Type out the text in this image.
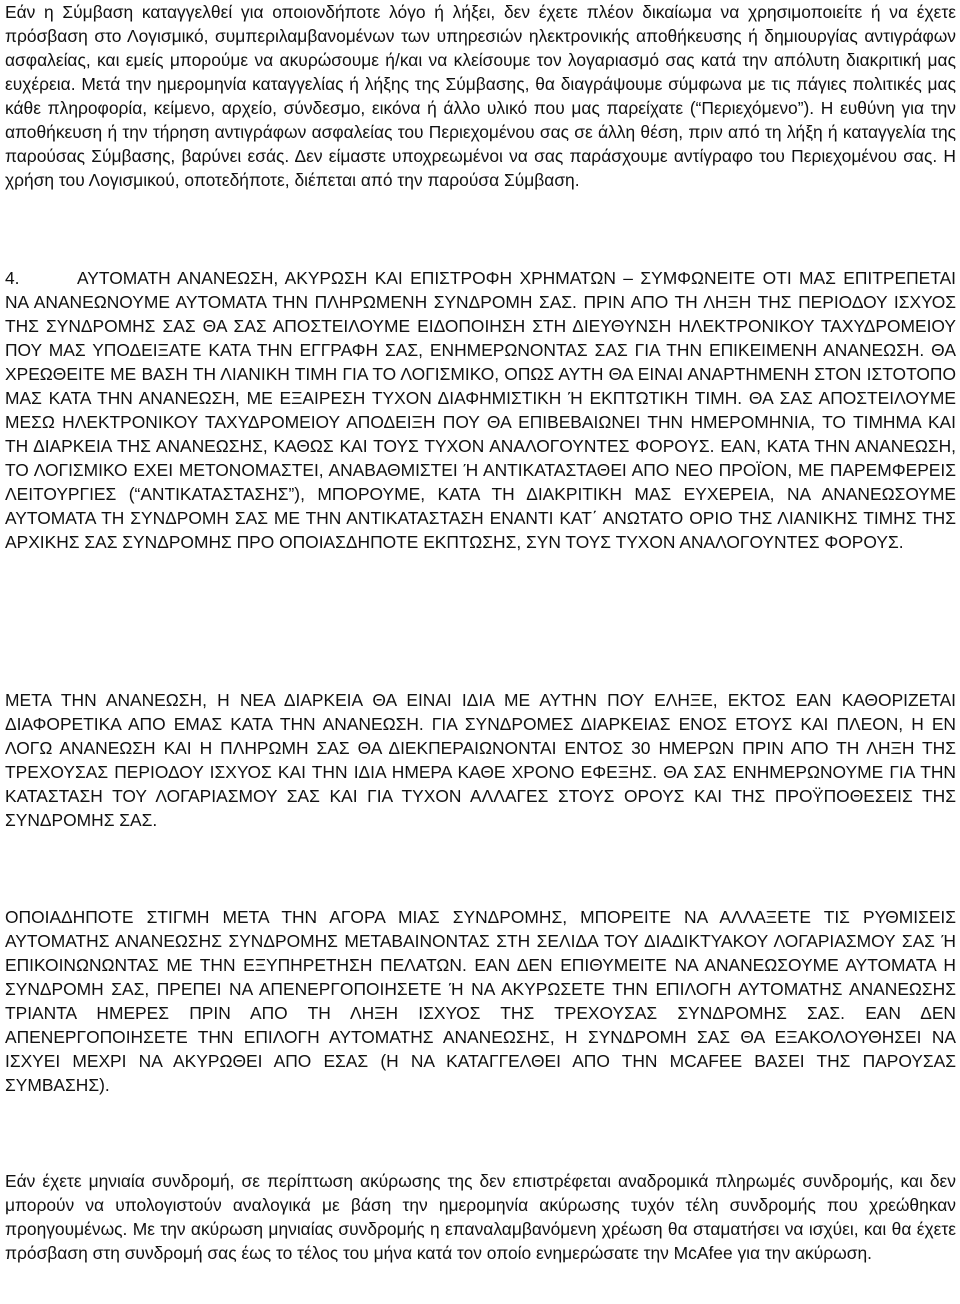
Εάν η Σύμβαση καταγγελθεί για οποιονδήποτε λόγο ή λήξει, δεν έχετε πλέον δικαίωμα να χρησιμοποιείτε ή να έχετε πρόσβαση στο Λογισμικό, συμπεριλαμβανομένων των υπηρεσιών ηλεκτρονικής αποθήκευσης ή δημιουργίας αντιγράφων ασφαλείας, και εμείς μπορούμε να ακυρώσουμε ή/και να κλείσουμε τον λογαριασμό σας κατά την απόλυτη διακριτική μας ευχέρεια. Μετά την ημερομηνία καταγγελίας ή λήξης της Σύμβασης, θα διαγράψουμε σύμφωνα με τις πάγιες πολιτικές μας κάθε πληροφορία, κείμενο, αρχείο, σύνδεσμο, εικόνα ή άλλο υλικό που μας παρείχατε (“Περιεχόμενο”). Η ευθύνη για την αποθήκευση ή την τήρηση αντιγράφων ασφαλείας του Περιεχομένου σας σε άλλη θέση, πριν από τη λήξη ή καταγγελία της παρούσας Σύμβασης, βαρύνει εσάς. Δεν είμαστε υποχρεωμένοι να σας παράσχουμε αντίγραφο του Περιεχομένου σας. Η χρήση του Λογισμικού, οποτεδήποτε, διέπεται από την παρούσα Σύμβαση.

4.	ΑΥΤΟΜΑΤΗ ΑΝΑΝΕΩΣΗ, ΑΚΥΡΩΣΗ ΚΑΙ ΕΠΙΣΤΡΟΦΗ ΧΡΗΜΑΤΩΝ – ΣΥΜΦΩΝΕΙΤΕ ΟΤΙ ΜΑΣ ΕΠΙΤΡΕΠΕΤΑΙ ΝΑ ΑΝΑΝΕΩΝΟΥΜΕ ΑΥΤΟΜΑΤΑ ΤΗΝ ΠΛΗΡΩΜΕΝΗ ΣΥΝΔΡΟΜΗ ΣΑΣ. ΠΡΙΝ ΑΠΟ ΤΗ ΛΗΞΗ ΤΗΣ ΠΕΡΙΟΔΟΥ ΙΣΧΥΟΣ ΤΗΣ ΣΥΝΔΡΟΜΗΣ ΣΑΣ ΘΑ ΣΑΣ ΑΠΟΣΤΕΙΛΟΥΜΕ ΕΙΔΟΠΟΙΗΣΗ ΣΤΗ ΔΙΕΥΘΥΝΣΗ ΗΛΕΚΤΡΟΝΙΚΟΥ ΤΑΧΥΔΡΟΜΕΙΟΥ ΠΟΥ ΜΑΣ ΥΠΟΔΕΙΞΑΤΕ ΚΑΤΑ ΤΗΝ ΕΓΓΡΑΦΗ ΣΑΣ, ΕΝΗΜΕΡΩΝΟΝΤΑΣ ΣΑΣ ΓΙΑ ΤΗΝ ΕΠΙΚΕΙΜΕΝΗ ΑΝΑΝΕΩΣΗ. ΘΑ ΧΡΕΩΘΕΙΤΕ ΜΕ ΒΑΣΗ ΤΗ ΛΙΑΝΙΚΗ ΤΙΜΗ ΓΙΑ ΤΟ ΛΟΓΙΣΜΙΚΟ, ΟΠΩΣ ΑΥΤΗ ΘΑ ΕΙΝΑΙ ΑΝΑΡΤΗΜΕΝΗ ΣΤΟΝ ΙΣΤΟΤΟΠΟ ΜΑΣ ΚΑΤΑ ΤΗΝ ΑΝΑΝΕΩΣΗ, ΜΕ ΕΞΑΙΡΕΣΗ ΤΥΧΟΝ ΔΙΑΦΗΜΙΣΤΙΚΗ Ή ΕΚΠΤΩΤΙΚΗ ΤΙΜΗ. ΘΑ ΣΑΣ ΑΠΟΣΤΕΙΛΟΥΜΕ ΜΕΣΩ ΗΛΕΚΤΡΟΝΙΚΟΥ ΤΑΧΥΔΡΟΜΕΙΟΥ ΑΠΟΔΕΙΞΗ ΠΟΥ ΘΑ ΕΠΙΒΕΒΑΙΩΝΕΙ ΤΗΝ ΗΜΕΡΟΜΗΝΙΑ, ΤΟ ΤΙΜΗΜΑ ΚΑΙ ΤΗ ΔΙΑΡΚΕΙΑ ΤΗΣ ΑΝΑΝΕΩΣΗΣ, ΚΑΘΩΣ ΚΑΙ ΤΟΥΣ ΤΥΧΟΝ ΑΝΑΛΟΓΟΥΝΤΕΣ ΦΟΡΟΥΣ. ΕΑΝ, ΚΑΤΑ ΤΗΝ ΑΝΑΝΕΩΣΗ, ΤΟ ΛΟΓΙΣΜΙΚΟ ΕΧΕΙ ΜΕΤΟΝΟΜΑΣΤΕΙ, ΑΝΑΒΑΘΜΙΣΤΕΙ Ή ΑΝΤΙΚΑΤΑΣΤΑΘΕΙ ΑΠΟ ΝΕΟ ΠΡΟΪΟΝ, ΜΕ ΠΑΡΕΜΦΕΡΕΙΣ ΛΕΙΤΟΥΡΓΙΕΣ (“ΑΝΤΙΚΑΤΑΣΤΑΣΗΣ”), ΜΠΟΡΟΥΜΕ, ΚΑΤΑ ΤΗ ΔΙΑΚΡΙΤΙΚΗ ΜΑΣ ΕΥΧΕΡΕΙΑ, ΝΑ ΑΝΑΝΕΩΣΟΥΜΕ ΑΥΤΟΜΑΤΑ ΤΗ ΣΥΝΔΡΟΜΗ ΣΑΣ ΜΕ ΤΗΝ ΑΝΤΙΚΑΤΑΣΤΑΣΗ ΕΝΑΝΤΙ ΚΑΤ΄ ΑΝΩΤΑΤΟ ΟΡΙΟ ΤΗΣ ΛΙΑΝΙΚΗΣ ΤΙΜΗΣ ΤΗΣ ΑΡΧΙΚΗΣ ΣΑΣ ΣΥΝΔΡΟΜΗΣ ΠΡΟ ΟΠΟΙΑΣΔΗΠΟΤΕ ΕΚΠΤΩΣΗΣ, ΣΥΝ ΤΟΥΣ ΤΥΧΟΝ ΑΝΑΛΟΓΟΥΝΤΕΣ ΦΟΡΟΥΣ.

ΜΕΤΑ ΤΗΝ ΑΝΑΝΕΩΣΗ, Η ΝΕΑ ΔΙΑΡΚΕΙΑ ΘΑ ΕΙΝΑΙ ΙΔΙΑ ΜΕ ΑΥΤΗΝ ΠΟΥ ΕΛΗΞΕ, ΕΚΤΟΣ ΕΑΝ ΚΑΘΟΡΙΖΕΤΑΙ ΔΙΑΦΟΡΕΤΙΚΑ ΑΠΟ ΕΜΑΣ ΚΑΤΑ ΤΗΝ ΑΝΑΝΕΩΣΗ. ΓΙΑ ΣΥΝΔΡΟΜΕΣ ΔΙΑΡΚΕΙΑΣ ΕΝΟΣ ΕΤΟΥΣ ΚΑΙ ΠΛΕΟΝ, Η ΕΝ ΛΟΓΩ ΑΝΑΝΕΩΣΗ ΚΑΙ Η ΠΛΗΡΩΜΗ ΣΑΣ ΘΑ ΔΙΕΚΠΕΡΑΙΩΝΟΝΤΑΙ ΕΝΤΟΣ 30 ΗΜΕΡΩΝ ΠΡΙΝ ΑΠΟ ΤΗ ΛΗΞΗ ΤΗΣ ΤΡΕΧΟΥΣΑΣ ΠΕΡΙΟΔΟΥ ΙΣΧΥΟΣ ΚΑΙ ΤΗΝ ΙΔΙΑ ΗΜΕΡΑ ΚΑΘΕ ΧΡΟΝΟ ΕΦΕΞΗΣ. ΘΑ ΣΑΣ ΕΝΗΜΕΡΩΝΟΥΜΕ ΓΙΑ ΤΗΝ ΚΑΤΑΣΤΑΣΗ ΤΟΥ ΛΟΓΑΡΙΑΣΜΟΥ ΣΑΣ ΚΑΙ ΓΙΑ ΤΥΧΟΝ ΑΛΛΑΓΕΣ ΣΤΟΥΣ ΟΡΟΥΣ ΚΑΙ ΤΗΣ ΠΡΟΫΠΟΘΕΣΕΙΣ ΤΗΣ ΣΥΝΔΡΟΜΗΣ ΣΑΣ.

ΟΠΟΙΑΔΗΠΟΤΕ ΣΤΙΓΜΗ ΜΕΤΑ ΤΗΝ ΑΓΟΡΑ ΜΙΑΣ ΣΥΝΔΡΟΜΗΣ, ΜΠΟΡΕΙΤΕ ΝΑ ΑΛΛΑΞΕΤΕ ΤΙΣ ΡΥΘΜΙΣΕΙΣ ΑΥΤΟΜΑΤΗΣ ΑΝΑΝΕΩΣΗΣ ΣΥΝΔΡΟΜΗΣ ΜΕΤΑΒΑΙΝΟΝΤΑΣ ΣΤΗ ΣΕΛΙΔΑ ΤΟΥ ΔΙΑΔΙΚΤΥΑΚΟΥ ΛΟΓΑΡΙΑΣΜΟΥ ΣΑΣ Ή ΕΠΙΚΟΙΝΩΝΩΝΤΑΣ ΜΕ ΤΗΝ ΕΞΥΠΗΡΕΤΗΣΗ ΠΕΛΑΤΩΝ. ΕΑΝ ΔΕΝ ΕΠΙΘΥΜΕΙΤΕ ΝΑ ΑΝΑΝΕΩΣΟΥΜΕ ΑΥΤΟΜΑΤΑ Η ΣΥΝΔΡΟΜΗ ΣΑΣ, ΠΡΕΠΕΙ ΝΑ ΑΠΕΝΕΡΓΟΠΟΙΗΣΕΤΕ Ή ΝΑ ΑΚΥΡΩΣΕΤΕ ΤΗΝ ΕΠΙΛΟΓΗ ΑΥΤΟΜΑΤΗΣ ΑΝΑΝΕΩΣΗΣ ΤΡΙΑΝΤΑ ΗΜΕΡΕΣ ΠΡΙΝ ΑΠΟ ΤΗ ΛΗΞΗ ΙΣΧΥΟΣ ΤΗΣ ΤΡΕΧΟΥΣΑΣ ΣΥΝΔΡΟΜΗΣ ΣΑΣ. ΕΑΝ ΔΕΝ ΑΠΕΝΕΡΓΟΠΟΙΗΣΕΤΕ ΤΗΝ ΕΠΙΛΟΓΗ ΑΥΤΟΜΑΤΗΣ ΑΝΑΝΕΩΣΗΣ, Η ΣΥΝΔΡΟΜΗ ΣΑΣ ΘΑ ΕΞΑΚΟΛΟΥΘΗΣΕΙ ΝΑ ΙΣΧΥΕΙ ΜΕΧΡΙ ΝΑ ΑΚΥΡΩΘΕΙ ΑΠΟ ΕΣΑΣ (Η ΝΑ ΚΑΤΑΓΓΕΛΘΕΙ ΑΠΟ ΤΗΝ MCAFEE ΒΑΣΕΙ ΤΗΣ ΠΑΡΟΥΣΑΣ ΣΥΜΒΑΣΗΣ).

Εάν έχετε μηνιαία συνδρομή, σε περίπτωση ακύρωσης της δεν επιστρέφεται αναδρομικά πληρωμές συνδρομής, και δεν μπορούν να υπολογιστούν αναλογικά με βάση την ημερομηνία ακύρωσης τυχόν τέλη συνδρομής που χρεώθηκαν προηγουμένως. Με την ακύρωση μηνιαίας συνδρομής η επαναλαμβανόμενη χρέωση θα σταματήσει να ισχύει, και θα έχετε πρόσβαση στη συνδρομή σας έως το τέλος του μήνα κατά τον οποίο ενημερώσατε την McAfee για την ακύρωση.
